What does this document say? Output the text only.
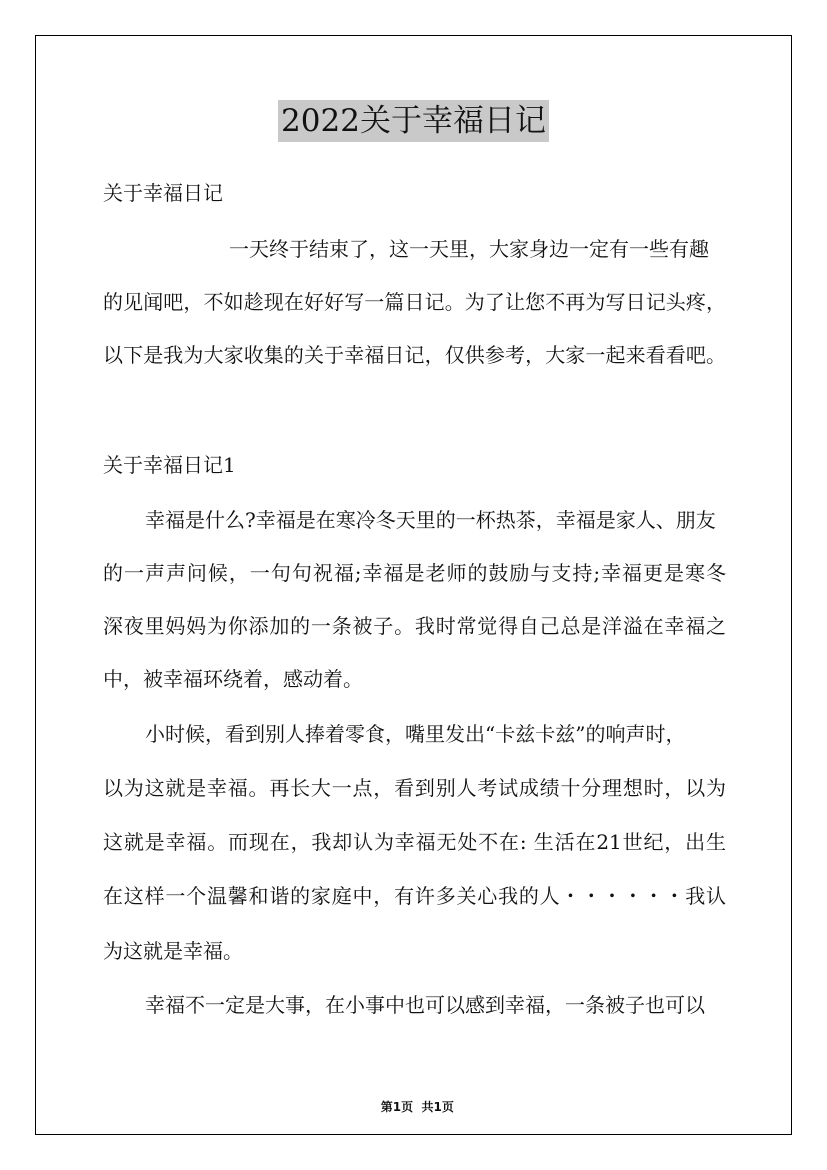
2022关于幸福日记
关于幸福日记
一天终于结束了，这一天里，大家身边一定有一些有趣
的见闻吧，不如趁现在好好写一篇日记。为了让您不再为写日记头疼，
以下是我为大家收集的关于幸福日记，仅供参考，大家一起来看看吧。
关于幸福日记1
幸福是什么?幸福是在寒冷冬天里的一杯热茶，幸福是家人、朋友
的一声声问候，一句句祝福;幸福是老师的鼓励与支持;幸福更是寒冬
深夜里妈妈为你添加的一条被子。我时常觉得自己总是洋溢在幸福之
中，被幸福环绕着，感动着。
小时候，看到别人捧着零食，嘴里发出“卡兹卡兹”的响声时，
以为这就是幸福。再长大一点，看到别人考试成绩十分理想时，以为
这就是幸福。而现在，我却认为幸福无处不在: 生活在21世纪，出生
在这样一个温馨和谐的家庭中，有许多关心我的人・・・・・・我认
为这就是幸福。
幸福不一定是大事，在小事中也可以感到幸福，一条被子也可以

第1页  共1页
